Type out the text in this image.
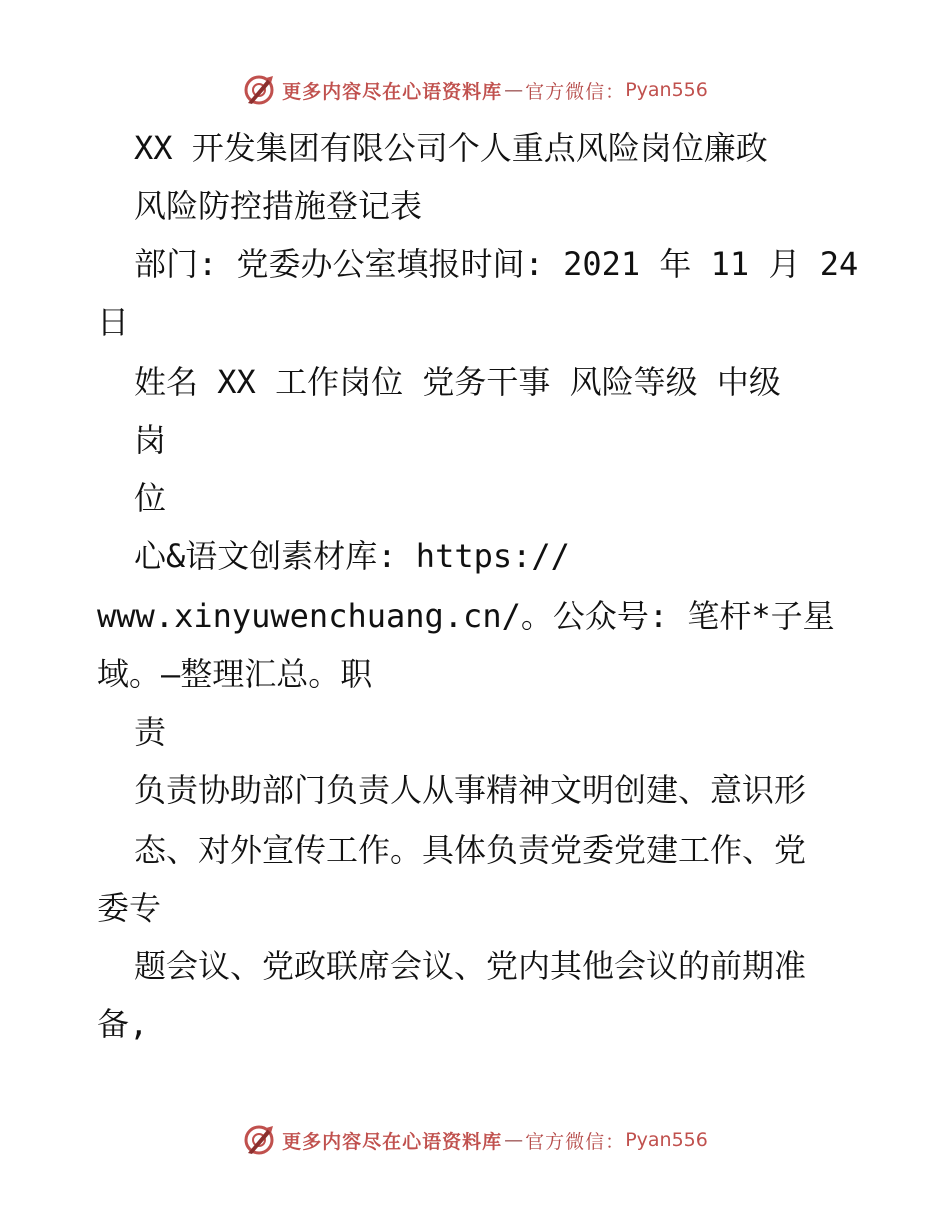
更多内容尽在心语资料库 — 官方微信： Pyan556
XX 开发集团有限公司个人重点风险岗位廉政
风险防控措施登记表
部门: 党委办公室填报时间: 2021 年 11 月 24
日
姓名 XX 工作岗位 党务干事 风险等级 中级
岗
位
心&语文创素材库: https://
www.xinyuwenchuang.cn/。公众号: 笔杆*子星
域。—整理汇总。职
责
负责协助部门负责人从事精神文明创建、意识形
态、对外宣传工作。具体负责党委党建工作、党
委专
题会议、党政联席会议、党内其他会议的前期准
备,
更多内容尽在心语资料库 — 官方微信： Pyan556
